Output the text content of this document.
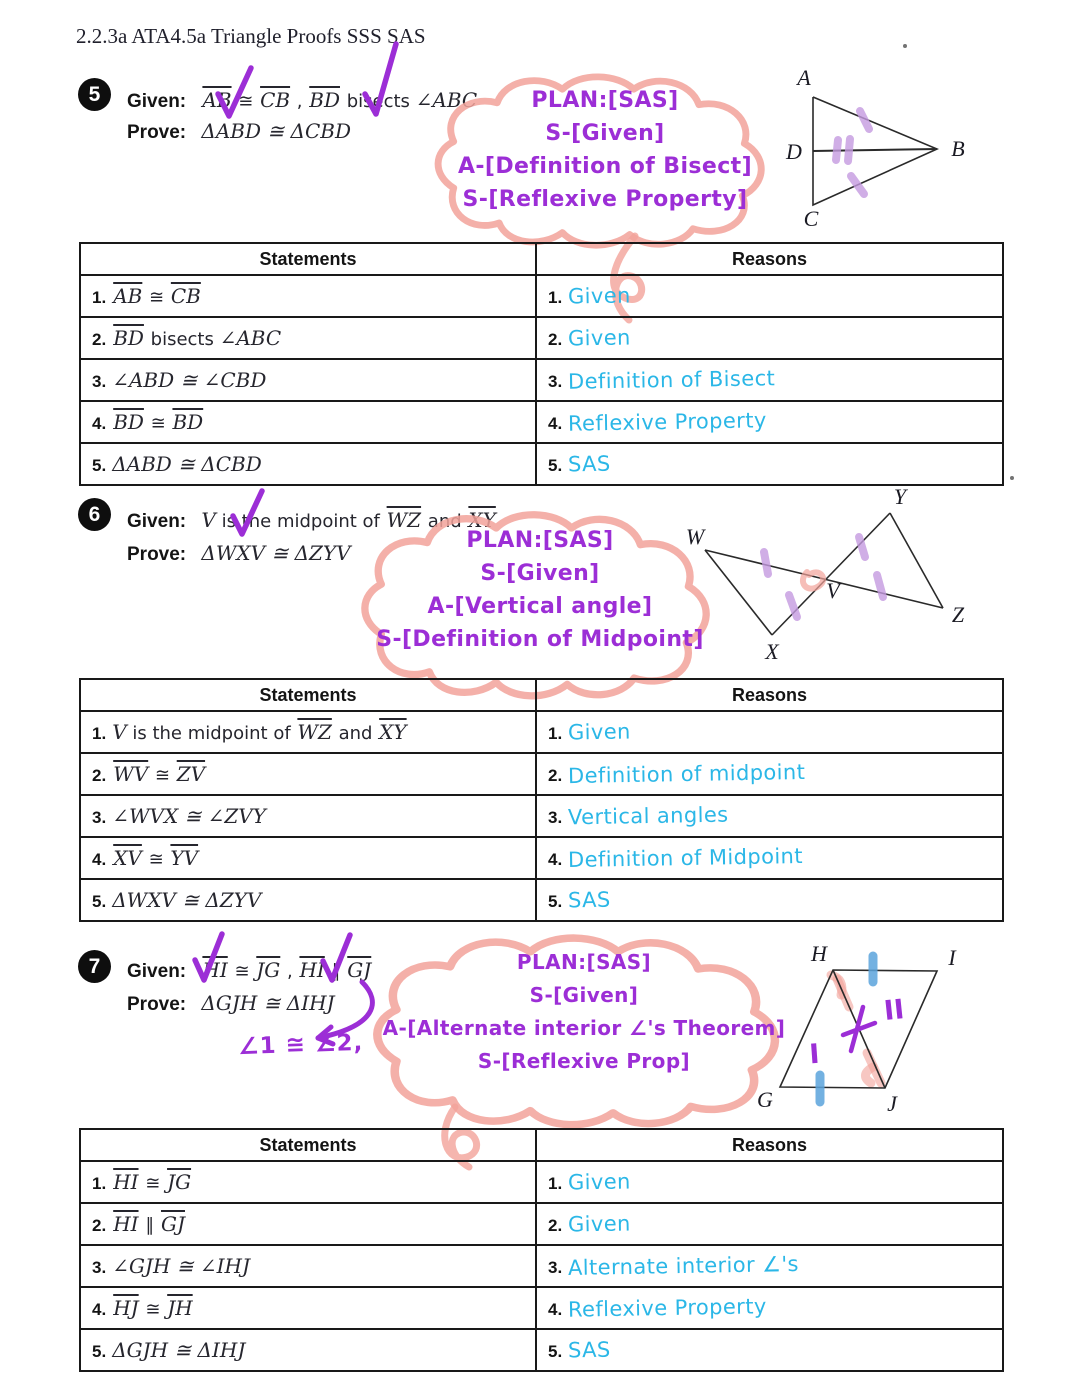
2.2.3a ATA4.5a Triangle Proofs SSS SAS
5	Given: $\overline{AB}$ ≅ $\overline{CB}$ , $\overline{BD}$ bisects ∠ABC
Prove: ΔABD ≅ ΔCBD
A
D	B
C
PLAN:[SAS]
S-[Given]
A-[Definition of Bisect]
S-[Reflexive Property]
Statements	Reasons
1. $\overline{AB}$ ≅ $\overline{CB}$	1. Given
2. $\overline{BD}$ bisects ∠ABC	2. Given
3. ∠ABD ≅ ∠CBD	3. Definition of Bisect
4. $\overline{BD}$ ≅ $\overline{BD}$	4. Reflexive Property
5. ΔABD ≅ ΔCBD	5. SAS
6	Given: V is the midpoint of $\overline{WZ}$ and $\overline{XY}$
Prove: ΔWXV ≅ ΔZYV
W
Y
V
X
Z
PLAN:[SAS]
S-[Given]
A-[Vertical angle]
S-[Definition of Midpoint]
Statements	Reasons
1. V is the midpoint of $\overline{WZ}$ and $\overline{XY}$	1. Given
2. $\overline{WV}$ ≅ $\overline{ZV}$	2. Definition of midpoint
3. ∠WVX ≅ ∠ZVY	3. Vertical angles
4. $\overline{XV}$ ≅ $\overline{YV}$	4. Definition of Midpoint
5. ΔWXV ≅ ΔZYV	5. SAS
7	Given: $\overline{HI}$ ≅ $\overline{JG}$ , $\overline{HI}$ ∥ $\overline{GJ}$
Prove: ΔGJH ≅ ΔIHJ
∠1 ≅ ∠2,	I
II
H	I
G	J
PLAN:[SAS]
S-[Given]
A-[Alternate interior ∠'s Theorem]
S-[Reflexive Prop]
Statements	Reasons
1. $\overline{HI}$ ≅ $\overline{JG}$	1. Given
2. $\overline{HI}$ ∥ $\overline{GJ}$	2. Given
3. ∠GJH ≅ ∠IHJ	3. Alternate interior ∠'s
4. $\overline{HJ}$ ≅ $\overline{JH}$	4. Reflexive Property
5. ΔGJH ≅ ΔIHJ	5. SAS
